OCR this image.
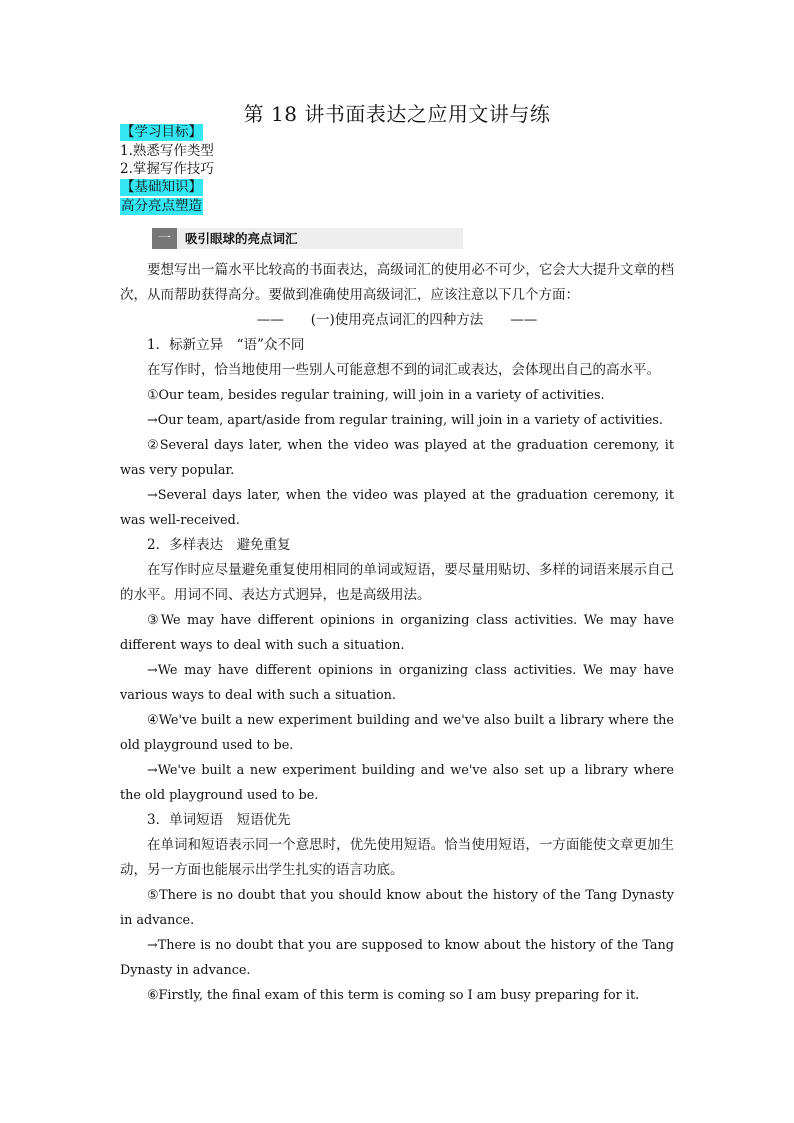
第 18 讲书面表达之应用文讲与练
【学习目标】
1.熟悉写作类型
2.掌握写作技巧
【基础知识】
高分亮点塑造
一	吸引眼球的亮点词汇

要想写出一篇水平比较高的书面表达，高级词汇的使用必不可少，它会大大提升文章的档次，从而帮助获得高分。要做到准确使用高级词汇，应该注意以下几个方面：

——　　(一)使用亮点词汇的四种方法　　——

1．标新立异　“语”众不同

在写作时，恰当地使用一些别人可能意想不到的词汇或表达，会体现出自己的高水平。

①Our team, besides regular training, will join in a variety of activities.

→Our team, apart/aside from regular training, will join in a variety of activities.

②Several days later, when the video was played at the graduation ceremony, it was very popular.

→Several days later, when the video was played at the graduation ceremony, it was well-received.

2．多样表达　避免重复

在写作时应尽量避免重复使用相同的单词或短语，要尽量用贴切、多样的词语来展示自己的水平。用词不同、表达方式迥异，也是高级用法。

③We may have different opinions in organizing class activities. We may have different ways to deal with such a situation.

→We may have different opinions in organizing class activities. We may have various ways to deal with such a situation.

④We've built a new experiment building and we've also built a library where the old playground used to be.

→We've built a new experiment building and we've also set up a library where the old playground used to be.

3．单词短语　短语优先

在单词和短语表示同一个意思时，优先使用短语。恰当使用短语，一方面能使文章更加生动，另一方面也能展示出学生扎实的语言功底。

⑤There is no doubt that you should know about the history of the Tang Dynasty in advance.

→There is no doubt that you are supposed to know about the history of the Tang Dynasty in advance.

⑥Firstly, the final exam of this term is coming so I am busy preparing for it.
